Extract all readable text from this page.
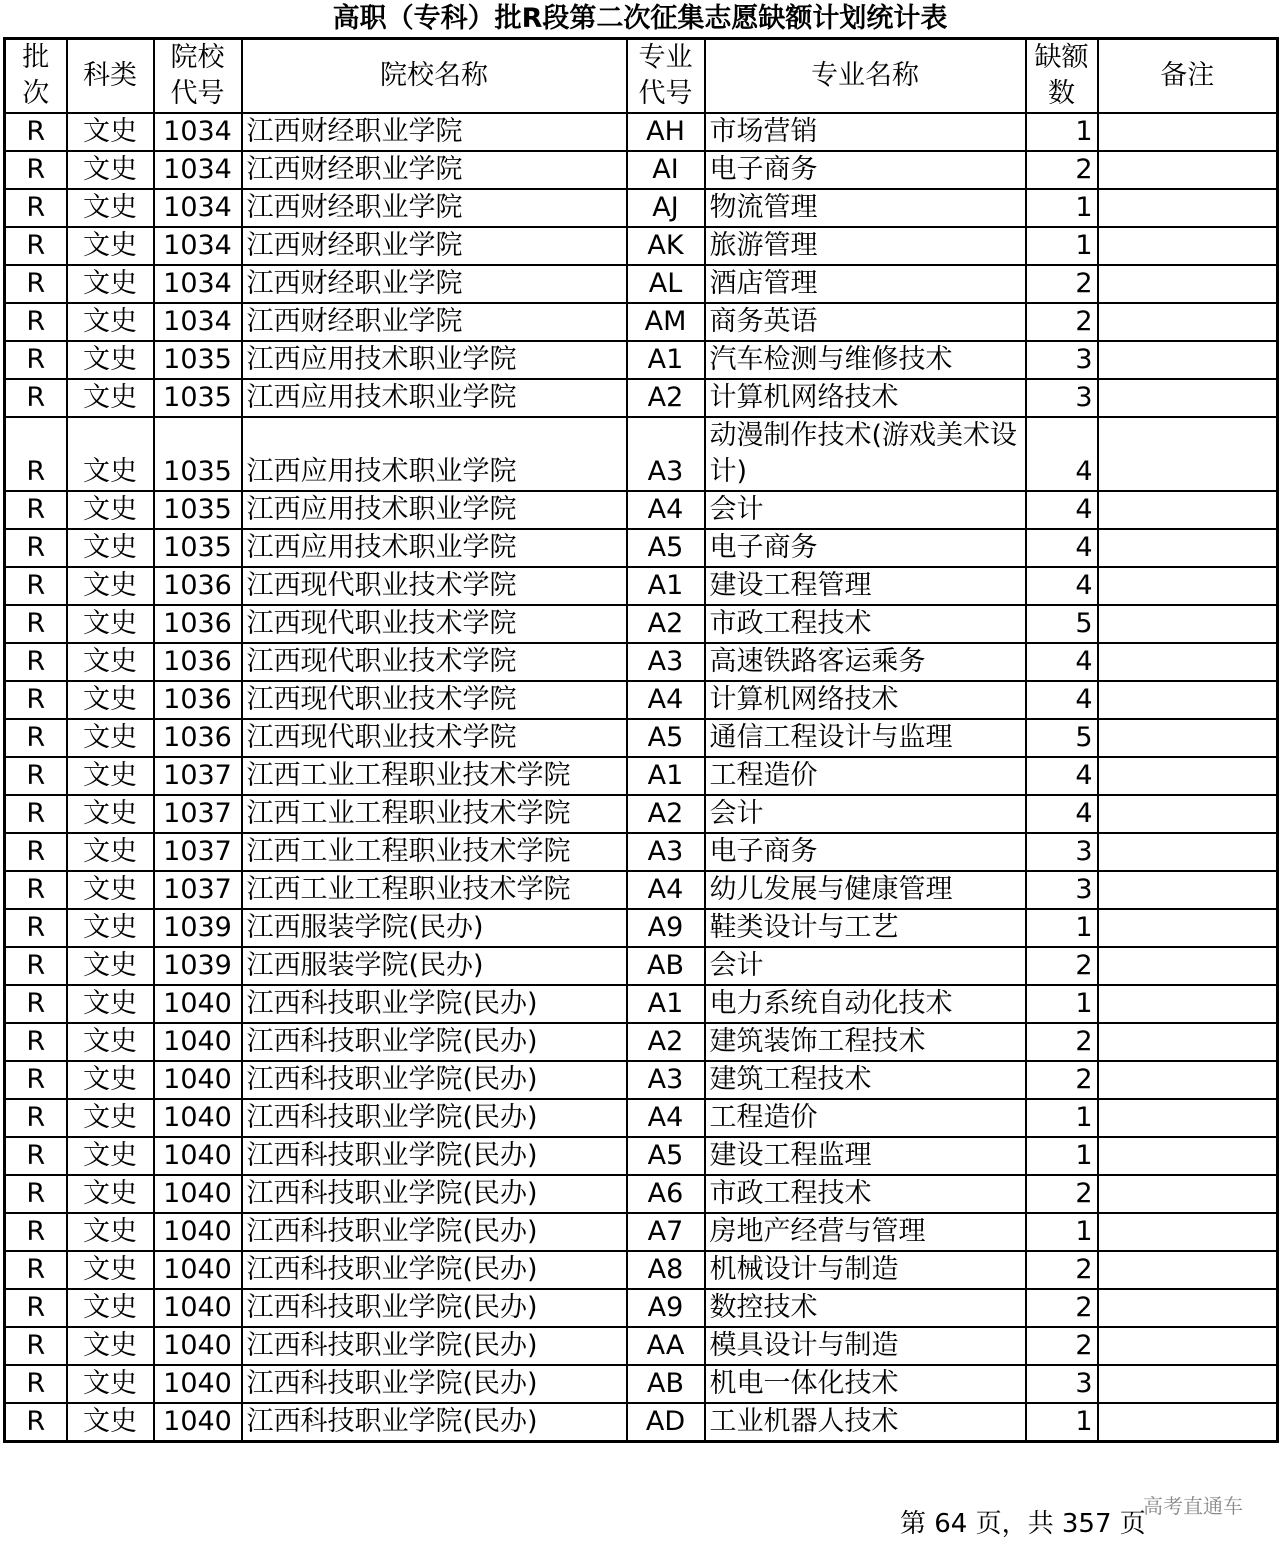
高职（专科）批R段第二次征集志愿缺额计划统计表
批次	科类	院校代号	院校名称	专业代号	专业名称	缺额数	备注
R	文史	1034	江西财经职业学院	AH	市场营销	1	
R	文史	1034	江西财经职业学院	AI	电子商务	2	
R	文史	1034	江西财经职业学院	AJ	物流管理	1	
R	文史	1034	江西财经职业学院	AK	旅游管理	1	
R	文史	1034	江西财经职业学院	AL	酒店管理	2	
R	文史	1034	江西财经职业学院	AM	商务英语	2	
R	文史	1035	江西应用技术职业学院	A1	汽车检测与维修技术	3	
R	文史	1035	江西应用技术职业学院	A2	计算机网络技术	3	
R	文史	1035	江西应用技术职业学院	A3	动漫制作技术(游戏美术设计)	4	
R	文史	1035	江西应用技术职业学院	A4	会计	4	
R	文史	1035	江西应用技术职业学院	A5	电子商务	4	
R	文史	1036	江西现代职业技术学院	A1	建设工程管理	4	
R	文史	1036	江西现代职业技术学院	A2	市政工程技术	5	
R	文史	1036	江西现代职业技术学院	A3	高速铁路客运乘务	4	
R	文史	1036	江西现代职业技术学院	A4	计算机网络技术	4	
R	文史	1036	江西现代职业技术学院	A5	通信工程设计与监理	5	
R	文史	1037	江西工业工程职业技术学院	A1	工程造价	4	
R	文史	1037	江西工业工程职业技术学院	A2	会计	4	
R	文史	1037	江西工业工程职业技术学院	A3	电子商务	3	
R	文史	1037	江西工业工程职业技术学院	A4	幼儿发展与健康管理	3	
R	文史	1039	江西服装学院(民办)	A9	鞋类设计与工艺	1	
R	文史	1039	江西服装学院(民办)	AB	会计	2	
R	文史	1040	江西科技职业学院(民办)	A1	电力系统自动化技术	1	
R	文史	1040	江西科技职业学院(民办)	A2	建筑装饰工程技术	2	
R	文史	1040	江西科技职业学院(民办)	A3	建筑工程技术	2	
R	文史	1040	江西科技职业学院(民办)	A4	工程造价	1	
R	文史	1040	江西科技职业学院(民办)	A5	建设工程监理	1	
R	文史	1040	江西科技职业学院(民办)	A6	市政工程技术	2	
R	文史	1040	江西科技职业学院(民办)	A7	房地产经营与管理	1	
R	文史	1040	江西科技职业学院(民办)	A8	机械设计与制造	2	
R	文史	1040	江西科技职业学院(民办)	A9	数控技术	2	
R	文史	1040	江西科技职业学院(民办)	AA	模具设计与制造	2	
R	文史	1040	江西科技职业学院(民办)	AB	机电一体化技术	3	
R	文史	1040	江西科技职业学院(民办)	AD	工业机器人技术	1	
高考直通车
第 64 页，共 357 页
